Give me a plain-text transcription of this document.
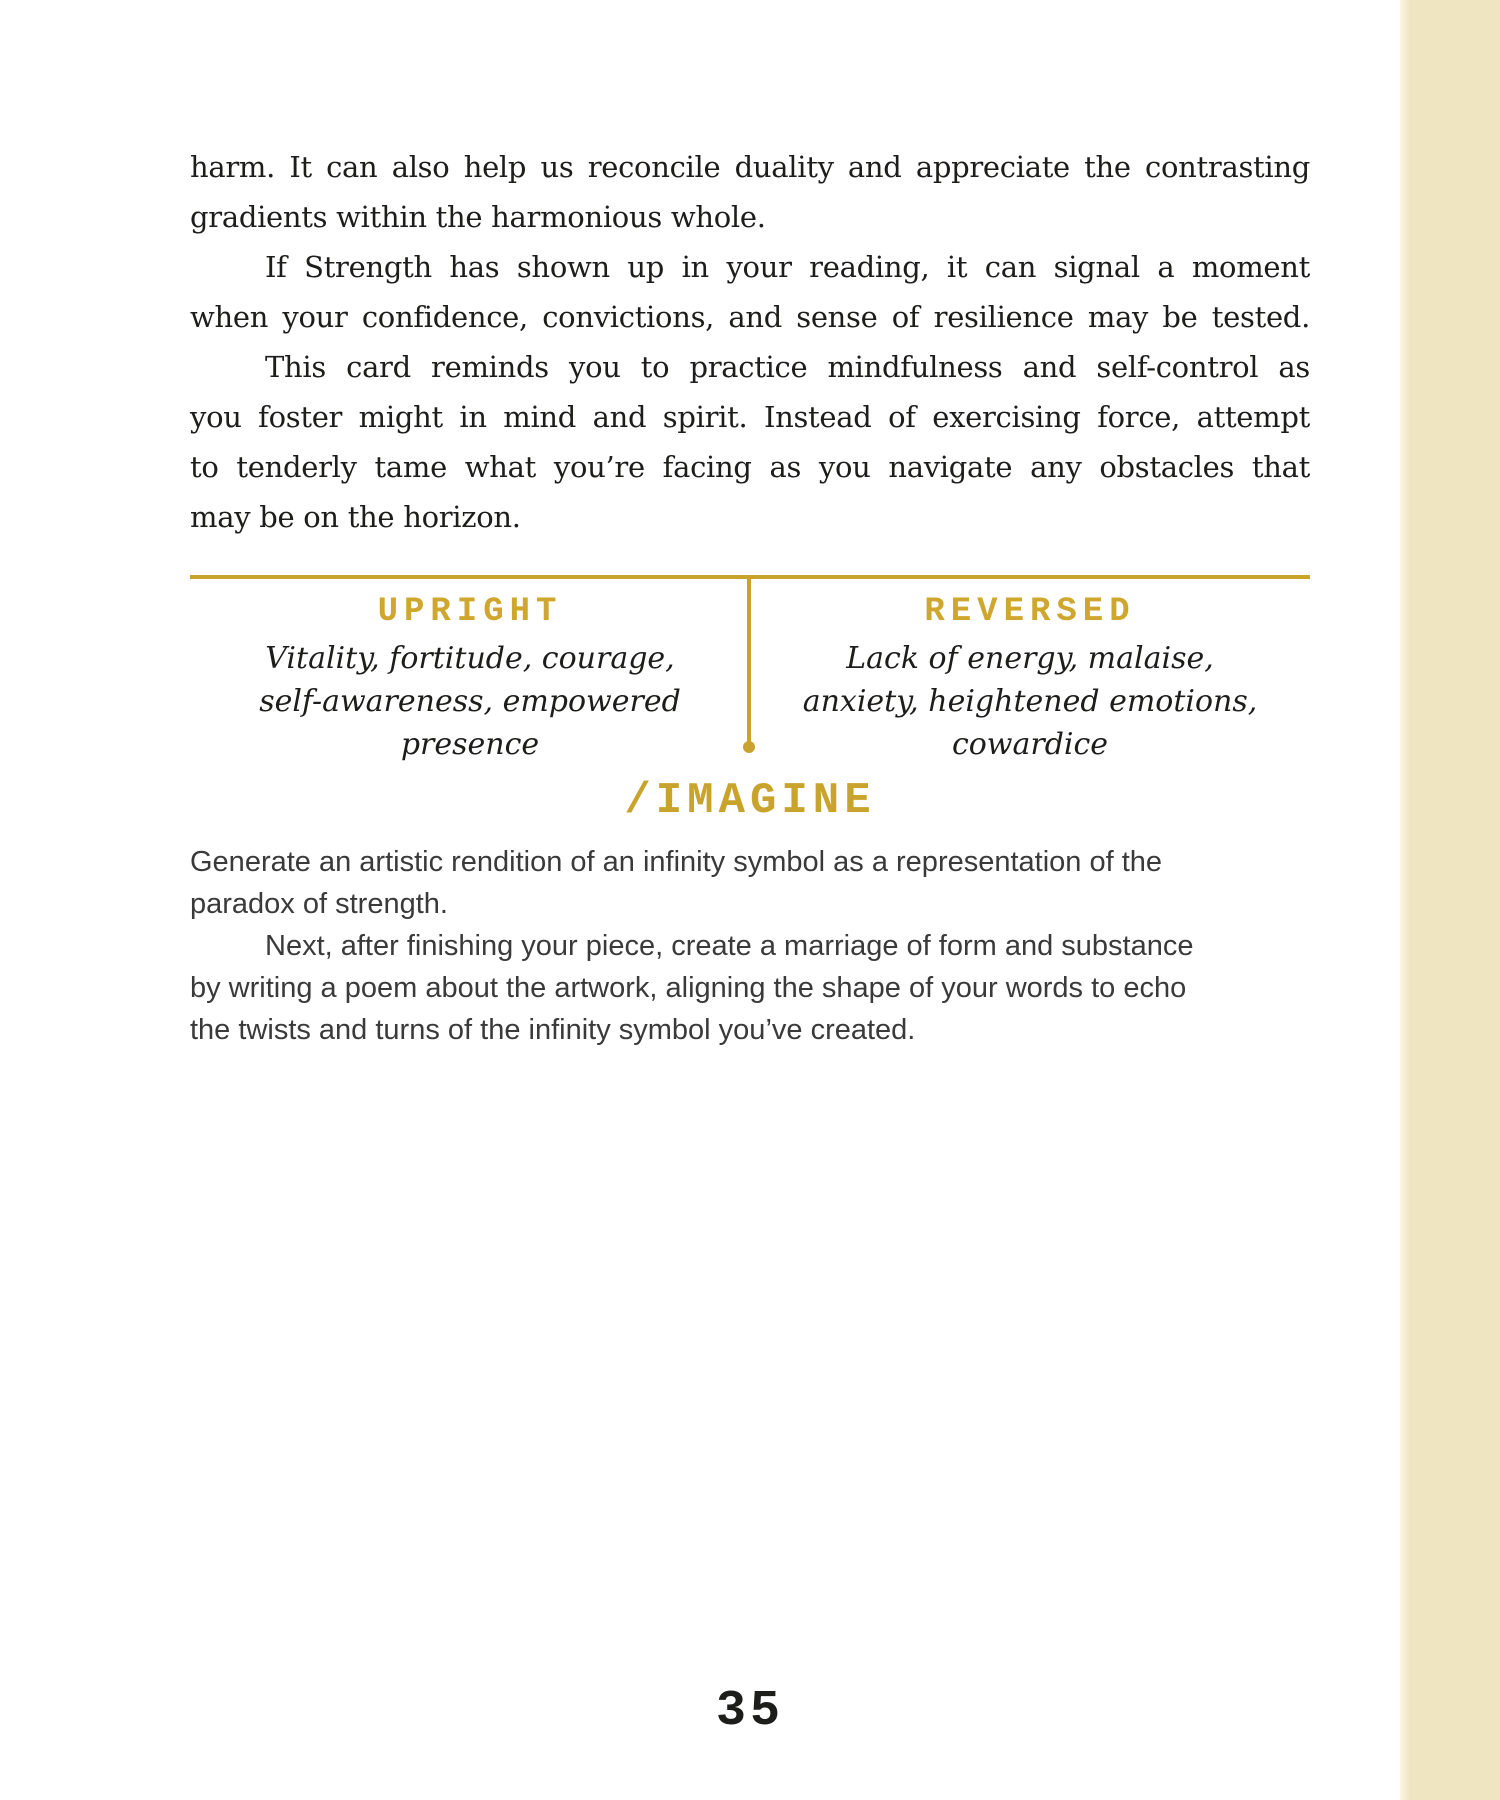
harm. It can also help us reconcile duality and appreciate the contrasting
gradients within the harmonious whole.
If Strength has shown up in your reading, it can signal a moment
when your confidence, convictions, and sense of resilience may be tested.
This card reminds you to practice mindfulness and self-control as
you foster might in mind and spirit. Instead of exercising force, attempt
to tenderly tame what you’re facing as you navigate any obstacles that
may be on the horizon.
UPRIGHT
Vitality, fortitude, courage,
self-awareness, empowered
presence
REVERSED
Lack of energy, malaise,
anxiety, heightened emotions,
cowardice
/IMAGINE
Generate an artistic rendition of an infinity symbol as a representation of the
paradox of strength.
Next, after finishing your piece, create a marriage of form and substance
by writing a poem about the artwork, aligning the shape of your words to echo
the twists and turns of the infinity symbol you’ve created.
35
